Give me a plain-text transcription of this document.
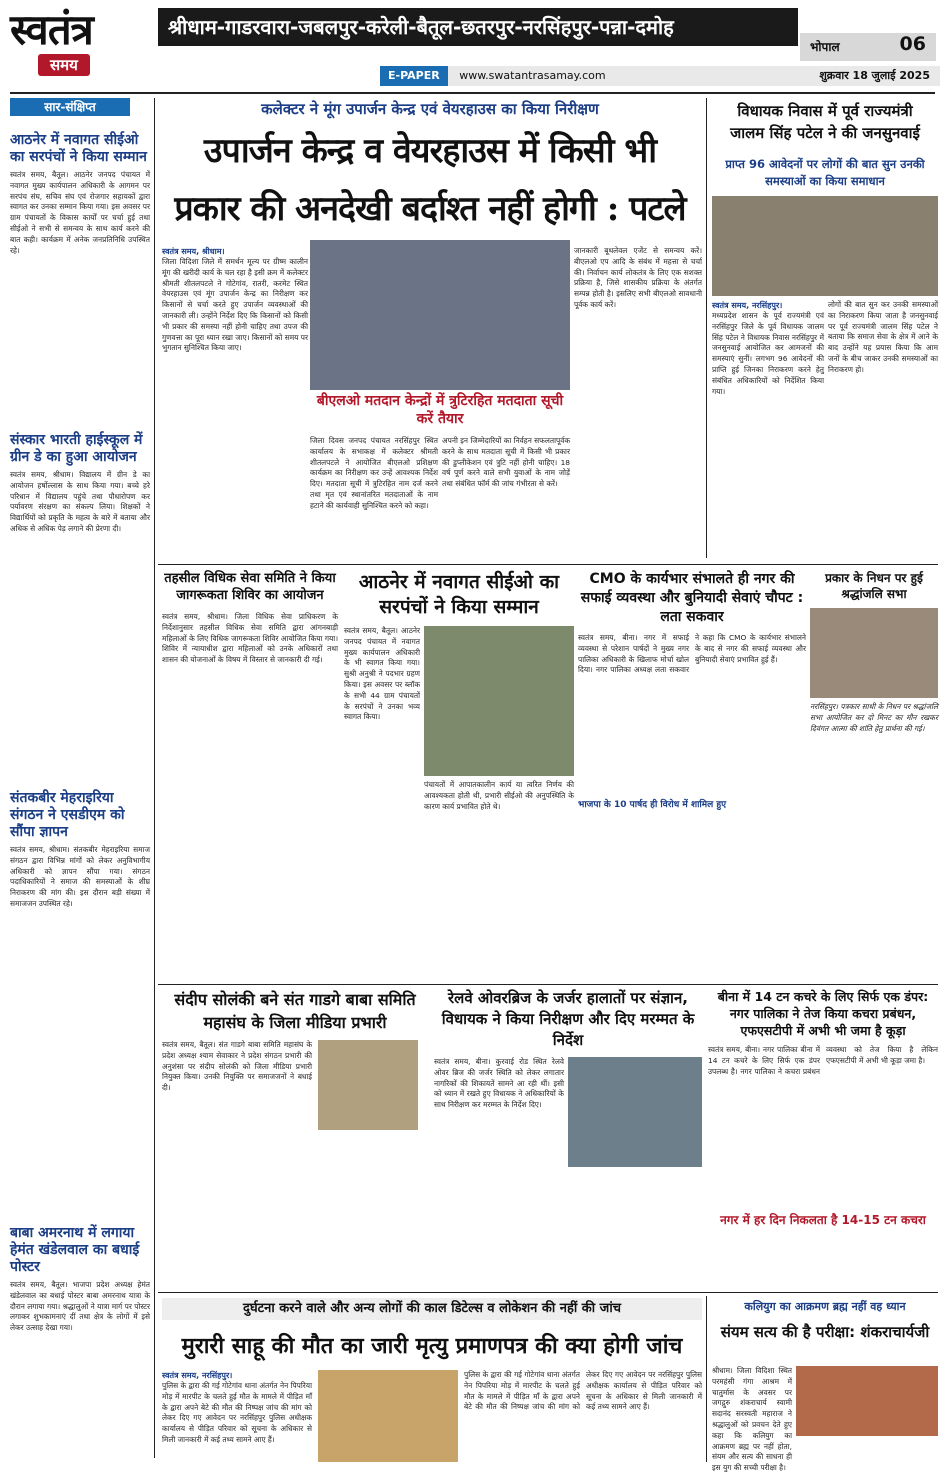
स्वतंत्र
समय
श्रीधाम-गाडरवारा-जबलपुर-करेली-बैतूल-छतरपुर-नरसिंहपुर-पन्ना-दमोह
भोपाल	06
E-PAPER www.swatantrasamay.com	शुक्रवार 18 जुलाई 2025
सार-संक्षिप्त
आठनेर में नवागत सीईओ का सरपंचों ने किया सम्मान
स्वतंत्र समय, बैतूल। आठनेर जनपद पंचायत में नवागत मुख्य कार्यपालन अधिकारी के आगमन पर सरपंच संघ, सचिव संघ एवं रोजगार सहायकों द्वारा स्वागत कर उनका सम्मान किया गया। इस अवसर पर ग्राम पंचायतों के विकास कार्यों पर चर्चा हुई तथा सीईओ ने सभी से समन्वय के साथ कार्य करने की बात कही। कार्यक्रम में अनेक जनप्रतिनिधि उपस्थित रहे।
संस्कार भारती हाईस्कूल में ग्रीन डे का हुआ आयोजन
स्वतंत्र समय, श्रीधाम। विद्यालय में ग्रीन डे का आयोजन हर्षोल्लास के साथ किया गया। बच्चे हरे परिधान में विद्यालय पहुंचे तथा पौधारोपण कर पर्यावरण संरक्षण का संकल्प लिया। शिक्षकों ने विद्यार्थियों को प्रकृति के महत्व के बारे में बताया और अधिक से अधिक पेड़ लगाने की प्रेरणा दी।
संतकबीर मेहराइरिया संगठन ने एसडीएम को सौंपा ज्ञापन
स्वतंत्र समय, श्रीधाम। संतकबीर मेहराइरिया समाज संगठन द्वारा विभिन्न मांगों को लेकर अनुविभागीय अधिकारी को ज्ञापन सौंपा गया। संगठन पदाधिकारियों ने समाज की समस्याओं के शीघ्र निराकरण की मांग की। इस दौरान बड़ी संख्या में समाजजन उपस्थित रहे।
बाबा अमरनाथ में लगाया हेमंत खंडेलवाल का बधाई पोस्टर
स्वतंत्र समय, बैतूल। भाजपा प्रदेश अध्यक्ष हेमंत खंडेलवाल का बधाई पोस्टर बाबा अमरनाथ यात्रा के दौरान लगाया गया। श्रद्धालुओं ने यात्रा मार्ग पर पोस्टर लगाकर शुभकामनाएं दीं तथा क्षेत्र के लोगों में इसे लेकर उत्साह देखा गया।
कलेक्टर ने मूंग उपार्जन केन्द्र एवं वेयरहाउस का किया निरीक्षण
उपार्जन केन्द्र व वेयरहाउस में किसी भी
प्रकार की अनदेखी बर्दाश्त नहीं होगी : पटले
स्वतंत्र समय, श्रीधाम।
जिला विदिशा जिले में समर्थन मूल्य पर ग्रीष्म कालीन मूंग की खरीदी कार्य के चल रहा है इसी क्रम में कलेक्टर श्रीमती शीतलपटले ने गोटेगांव, रातरी, करमेट स्थित वेयरहाउस एवं मूंग उपार्जन केन्द्र का निरीक्षण कर किसानों से चर्चा करते हुए उपार्जन व्यवस्थाओं की जानकारी ली। उन्होंने निर्देश दिए कि किसानों को किसी भी प्रकार की समस्या नहीं होनी चाहिए तथा उपज की गुणवत्ता का पूरा ध्यान रखा जाए। किसानों को समय पर भुगतान सुनिश्चित किया जाए।
बीएलओ मतदान केन्द्रों में त्रुटिरहित मतदाता सूची करें तैयार
जिला दिवस जनपद पंचायत नरसिंहपुर स्थित कार्यालय के सभाकक्ष में कलेक्टर श्रीमती शीतलपटले ने आयोजित बीएलओ प्रशिक्षण कार्यक्रम का निरीक्षण कर उन्हें आवश्यक निर्देश दिए। मतदाता सूची में त्रुटिरहित नाम दर्ज करने तथा मृत एवं स्थानांतरित मतदाताओं के नाम हटाने की कार्यवाही सुनिश्चित करने को कहा।
अपनी इन जिम्मेदारियों का निर्वहन सफलतापूर्वक करने के साथ मतदाता सूची में किसी भी प्रकार की डुप्लीकेशन एवं त्रुटि नहीं होनी चाहिए। 18 वर्ष पूर्ण करने वाले सभी युवाओं के नाम जोड़ें तथा संबंधित फॉर्म की जांच गंभीरता से करें।
जानकारी बूथलेवल एजेंट से समन्वय करें। बीएलओ एप आदि के संबंध में महत्ता से चर्चा की। निर्वाचन कार्य लोकतंत्र के लिए एक सशक्त प्रक्रिया है, जिसे शासकीय प्रक्रिया के अंतर्गत सम्पन्न होती है। इसलिए सभी बीएलओ सावधानी पूर्वक कार्य करें।
विधायक निवास में पूर्व राज्यमंत्री
जालम सिंह पटेल ने की जनसुनवाई
प्राप्त 96 आवेदनों पर लोगों की बात सुन उनकी समस्याओं का किया समाधान
स्वतंत्र समय, नरसिंहपुर।
मध्यप्रदेश शासन के पूर्व राज्यमंत्री एवं नरसिंहपुर जिले के पूर्व विधायक जालम सिंह पटेल ने विधायक निवास नरसिंहपुर में जनसुनवाई आयोजित कर आमजनों की समस्याएं सुनीं। लगभग 96 आवेदनों की प्राप्ति हुई जिनका निराकरण करने हेतु संबंधित अधिकारियों को निर्देशित किया गया।
लोगों की बात सुन कर उनकी समस्याओं का निराकरण किया जाता है जनसुनवाई पर पूर्व राज्यमंत्री जालम सिंह पटेल ने बताया कि समाज सेवा के क्षेत्र में आने के बाद उन्होंने यह प्रयास किया कि आम जनों के बीच जाकर उनकी समस्याओं का निराकरण हो।
तहसील विधिक सेवा समिति ने किया जागरूकता शिविर का आयोजन
स्वतंत्र समय, श्रीधाम। जिला विधिक सेवा प्राधिकरण के निर्देशानुसार तहसील विधिक सेवा समिति द्वारा आंगनबाड़ी महिलाओं के लिए विधिक जागरूकता शिविर आयोजित किया गया। शिविर में न्यायाधीश द्वारा महिलाओं को उनके अधिकारों तथा शासन की योजनाओं के विषय में विस्तार से जानकारी दी गई।
आठनेर में नवागत सीईओ का सरपंचों ने किया सम्मान
स्वतंत्र समय, बैतूल। आठनेर जनपद पंचायत में नवागत मुख्य कार्यपालन अधिकारी के भी स्वागत किया गया। सुश्री अनुश्री ने पदभार ग्रहण किया। इस अवसर पर ब्लॉक के सभी 44 ग्राम पंचायतों के सरपंचों ने उनका भव्य स्वागत किया।
पंचायतों में आपातकालीन कार्य या त्वरित निर्णय की आवश्यकता होती थी, प्रभारी सीईओ की अनुपस्थिति के कारण कार्य प्रभावित होते थे।
CMO के कार्यभार संभालते ही नगर की सफाई व्यवस्था और बुनियादी सेवाएं चौपट : लता सकवार
स्वतंत्र समय, बीना। नगर में सफाई व्यवस्था से परेशान पार्षदों ने मुख्य नगर पालिका अधिकारी के खिलाफ मोर्चा खोल दिया। नगर पालिका अध्यक्ष लता सकवार ने कहा कि CMO के कार्यभार संभालने के बाद से नगर की सफाई व्यवस्था और बुनियादी सेवाएं प्रभावित हुई हैं।
भाजपा के 10 पार्षद ही विरोध में शामिल हुए
प्रकार के निधन पर हुई श्रद्धांजलि सभा
नरसिंहपुर। पत्रकार साथी के निधन पर श्रद्धांजलि सभा आयोजित कर दो मिनट का मौन रखकर दिवंगत आत्मा की शांति हेतु प्रार्थना की गई।
संदीप सोलंकी बने संत गाडगे बाबा समिति महासंघ के जिला मीडिया प्रभारी
स्वतंत्र समय, बैतूल। संत गाडगे बाबा समिति महासंघ के प्रदेश अध्यक्ष श्याम सेवाकार ने प्रदेश संगठन प्रभारी की अनुशंसा पर संदीप सोलंकी को जिला मीडिया प्रभारी नियुक्त किया। उनकी नियुक्ति पर समाजजनों ने बधाई दी।
रेलवे ओवरब्रिज के जर्जर हालातों पर संज्ञान, विधायक ने किया निरीक्षण और दिए मरम्मत के निर्देश
स्वतंत्र समय, बीना। कुरवाई रोड स्थित रेलवे ओवर ब्रिज की जर्जर स्थिति को लेकर लगातार नागरिकों की शिकायतें सामने आ रही थीं। इसी को ध्यान में रखते हुए विधायक ने अधिकारियों के साथ निरीक्षण कर मरम्मत के निर्देश दिए।
बीना में 14 टन कचरे के लिए सिर्फ एक डंपर: नगर पालिका ने तेज किया कचरा प्रबंधन, एफएसटीपी में अभी भी जमा है कूड़ा
स्वतंत्र समय, बीना। नगर पालिका बीना में 14 टन कचरे के लिए सिर्फ एक डंपर उपलब्ध है। नगर पालिका ने कचरा प्रबंधन व्यवस्था को तेज किया है लेकिन एफएसटीपी में अभी भी कूड़ा जमा है।
नगर में हर दिन निकलता है 14-15 टन कचरा
दुर्घटना करने वाले और अन्य लोगों की काल डिटेल्स व लोकेशन की नहीं की जांच
मुरारी साहू की मौत का जारी मृत्यु प्रमाणपत्र की क्या होगी जांच
स्वतंत्र समय, नरसिंहपुर।
पुलिस के द्वारा की गई गोटेगांव थाना अंतर्गत नेन पिपरिया मोड़ में मारपीट के चलते हुई मौत के मामले में पीड़ित माँ के द्वारा अपने बेटे की मौत की निष्पक्ष जांच की मांग को लेकर दिए गए आवेदन पर नरसिंहपुर पुलिस अधीक्षक कार्यालय से पीड़ित परिवार को सूचना के अधिकार से मिली जानकारी में कई तथ्य सामने आए हैं।
पुलिस के द्वारा की गई गोटेगांव थाना अंतर्गत नेन पिपरिया मोड़ में मारपीट के चलते हुई मौत के मामले में पीड़ित माँ के द्वारा अपने बेटे की मौत की निष्पक्ष जांच की मांग को लेकर दिए गए आवेदन पर नरसिंहपुर पुलिस अधीक्षक कार्यालय से पीड़ित परिवार को सूचना के अधिकार से मिली जानकारी में कई तथ्य सामने आए हैं।
कलियुग का आक्रमण ब्रह्म नहीं वह ध्यान
संयम सत्य की है परीक्षा: शंकराचार्यजी
श्रीधाम। जिला विदिशा स्थित परमहंसी गंगा आश्रम में चातुर्मास के अवसर पर जगद्गुरु शंकराचार्य स्वामी सदानंद सरस्वती महाराज ने श्रद्धालुओं को प्रवचन देते हुए कहा कि कलियुग का आक्रमण ब्रह्म पर नहीं होता, संयम और सत्य की साधना ही इस युग की सच्ची परीक्षा है।
